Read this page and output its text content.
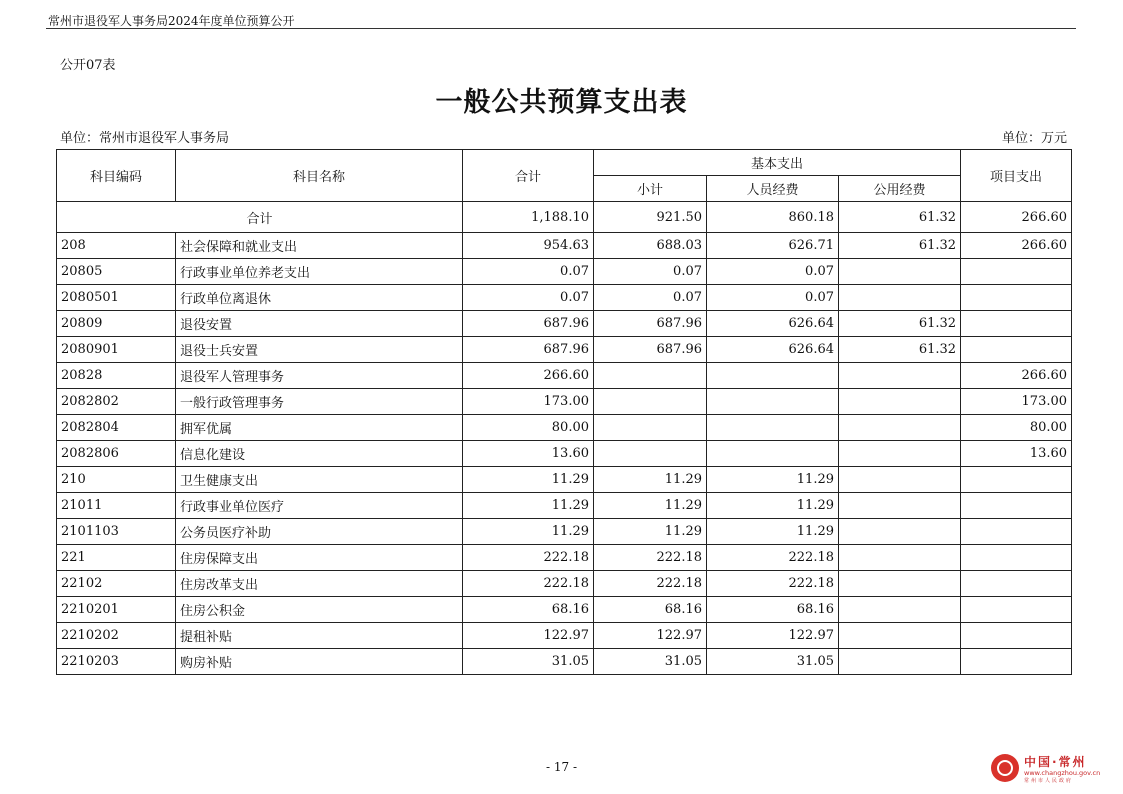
常州市退役军人事务局2024年度单位预算公开
公开07表
一般公共预算支出表
单位：常州市退役军人事务局	单位：万元
科目编码	科目名称	合计	基本支出			项目支出
			小计	人员经费	公用经费	
合计		1,188.10	921.50	860.18	61.32	266.60
208	社会保障和就业支出	954.63	688.03	626.71	61.32	266.60
20805	行政事业单位养老支出	0.07	0.07	0.07		
2080501	行政单位离退休	0.07	0.07	0.07		
20809	退役安置	687.96	687.96	626.64	61.32	
2080901	退役士兵安置	687.96	687.96	626.64	61.32	
20828	退役军人管理事务	266.60				266.60
2082802	一般行政管理事务	173.00				173.00
2082804	拥军优属	80.00				80.00
2082806	信息化建设	13.60				13.60
210	卫生健康支出	11.29	11.29	11.29		
21011	行政事业单位医疗	11.29	11.29	11.29		
2101103	公务员医疗补助	11.29	11.29	11.29		
221	住房保障支出	222.18	222.18	222.18		
22102	住房改革支出	222.18	222.18	222.18		
2210201	住房公积金	68.16	68.16	68.16		
2210202	提租补贴	122.97	122.97	122.97		
2210203	购房补贴	31.05	31.05	31.05		
- 17 -	中国·常州
www.changzhou.gov.cn
常州市人民政府
